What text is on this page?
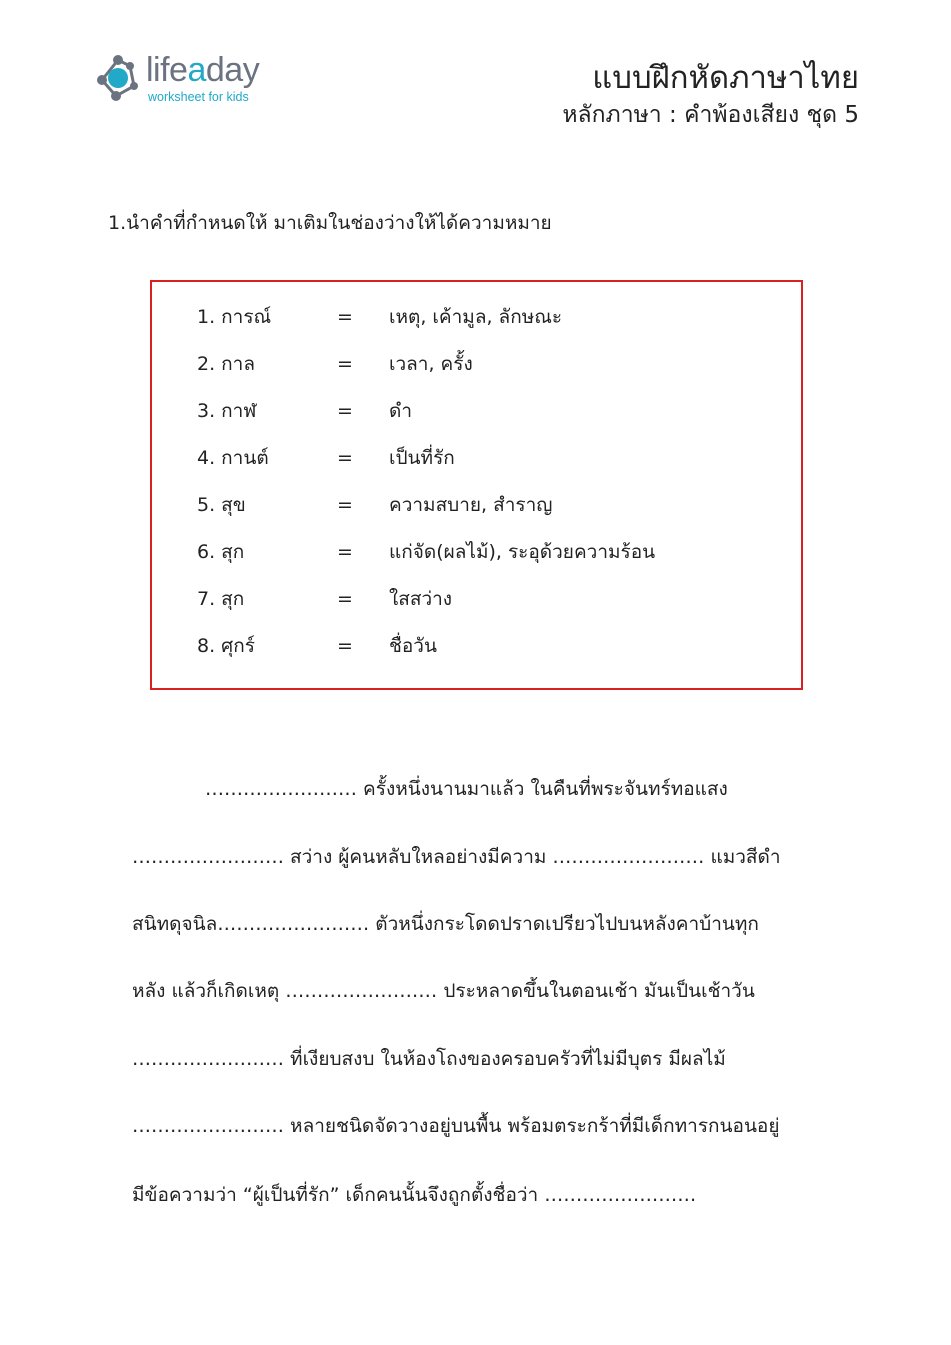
lifeaday
worksheet for kids
แบบฝึกหัดภาษาไทย
หลักภาษา : คำพ้องเสียง ชุด 5
1.นำคำที่กำหนดให้ มาเติมในช่องว่างให้ได้ความหมาย
1. การณ์	= เหตุ, เค้ามูล, ลักษณะ
2. กาล	= เวลา, ครั้ง
3. กาฬ	= ดำ
4. กานต์	= เป็นที่รัก
5. สุข	= ความสบาย, สำราญ
6. สุก	= แก่จัด(ผลไม้), ระอุด้วยความร้อน
7. สุก	= ใสสว่าง
8. ศุกร์	= ชื่อวัน
…………………… ครั้งหนึ่งนานมาแล้ว ในคืนที่พระจันทร์ทอแสง
…………………… สว่าง ผู้คนหลับใหลอย่างมีความ …………………… แมวสีดำ
สนิทดุจนิล…………………… ตัวหนึ่งกระโดดปราดเปรียวไปบนหลังคาบ้านทุก
หลัง แล้วก็เกิดเหตุ …………………… ประหลาดขึ้นในตอนเช้า มันเป็นเช้าวัน
…………………… ที่เงียบสงบ ในห้องโถงของครอบครัวที่ไม่มีบุตร มีผลไม้
…………………… หลายชนิดจัดวางอยู่บนพื้น พร้อมตระกร้าที่มีเด็กทารกนอนอยู่
มีข้อความว่า “ผู้เป็นที่รัก” เด็กคนนั้นจึงถูกตั้งชื่อว่า ……………………
